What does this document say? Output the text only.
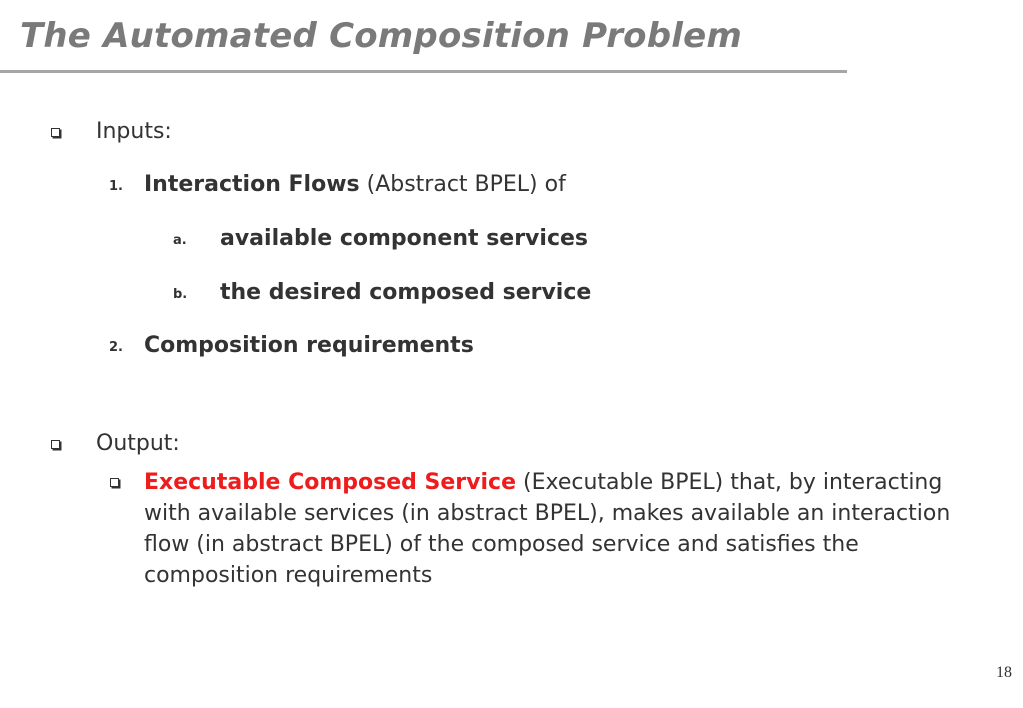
The Automated Composition Problem
Inputs:
1. Interaction Flows (Abstract BPEL) of
a. available component services
b. the desired composed service
2. Composition requirements
Output:
Executable Composed Service (Executable BPEL) that, by interacting with available services (in abstract BPEL), makes available an interaction flow (in abstract BPEL) of the composed service and satisfies the composition requirements
18
